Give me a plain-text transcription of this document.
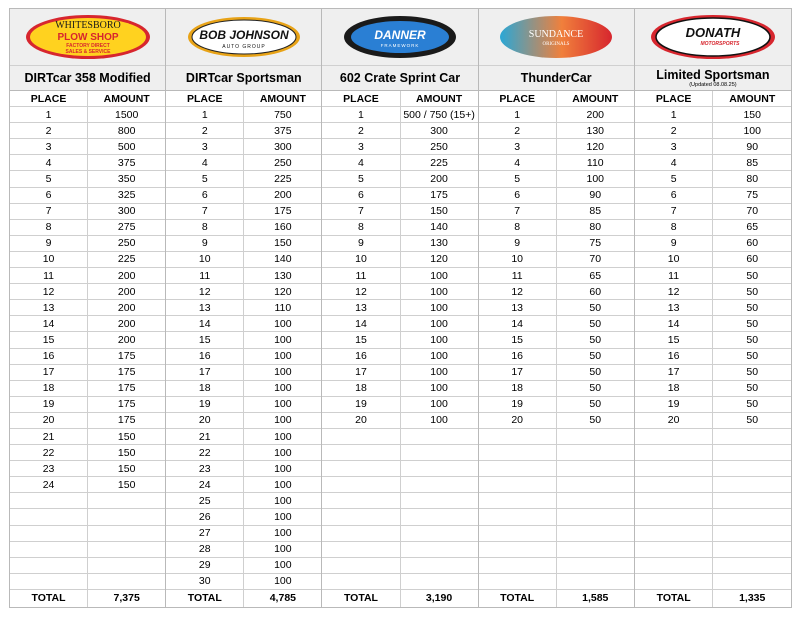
WHITESBORO
PLOW SHOP
FACTORY DIRECT
SALES & SERVICE
DIRTcar 358 Modified
PLACE	AMOUNT
1	1500
2	800
3	500
4	375
5	350
6	325
7	300
8	275
9	250
10	225
11	200
12	200
13	200
14	200
15	200
16	175
17	175
18	175
19	175
20	175
21	150
22	150
23	150
24	150
TOTAL	7,375
BOB JOHNSON
AUTO GROUP
DIRTcar Sportsman
PLACE	AMOUNT
1	750
2	375
3	300
4	250
5	225
6	200
7	175
8	160
9	150
10	140
11	130
12	120
13	110
14	100
15	100
16	100
17	100
18	100
19	100
20	100
21	100
22	100
23	100
24	100
25	100
26	100
27	100
28	100
29	100
30	100
TOTAL	4,785
DANNER
FRAMEWORK
602 Crate Sprint Car
PLACE	AMOUNT
1	500 / 750 (15+)
2	300
3	250
4	225
5	200
6	175
7	150
8	140
9	130
10	120
11	100
12	100
13	100
14	100
15	100
16	100
17	100
18	100
19	100
20	100
TOTAL	3,190
SUNDANCE
ORIGINALS
ThunderCar
PLACE	AMOUNT
1	200
2	130
3	120
4	110
5	100
6	90
7	85
8	80
9	75
10	70
11	65
12	60
13	50
14	50
15	50
16	50
17	50
18	50
19	50
20	50
TOTAL	1,585
DONATH
MOTORSPORTS
Limited Sportsman
(Updated 08.08.25)
PLACE	AMOUNT
1	150
2	100
3	90
4	85
5	80
6	75
7	70
8	65
9	60
10	60
11	50
12	50
13	50
14	50
15	50
16	50
17	50
18	50
19	50
20	50
TOTAL	1,335
